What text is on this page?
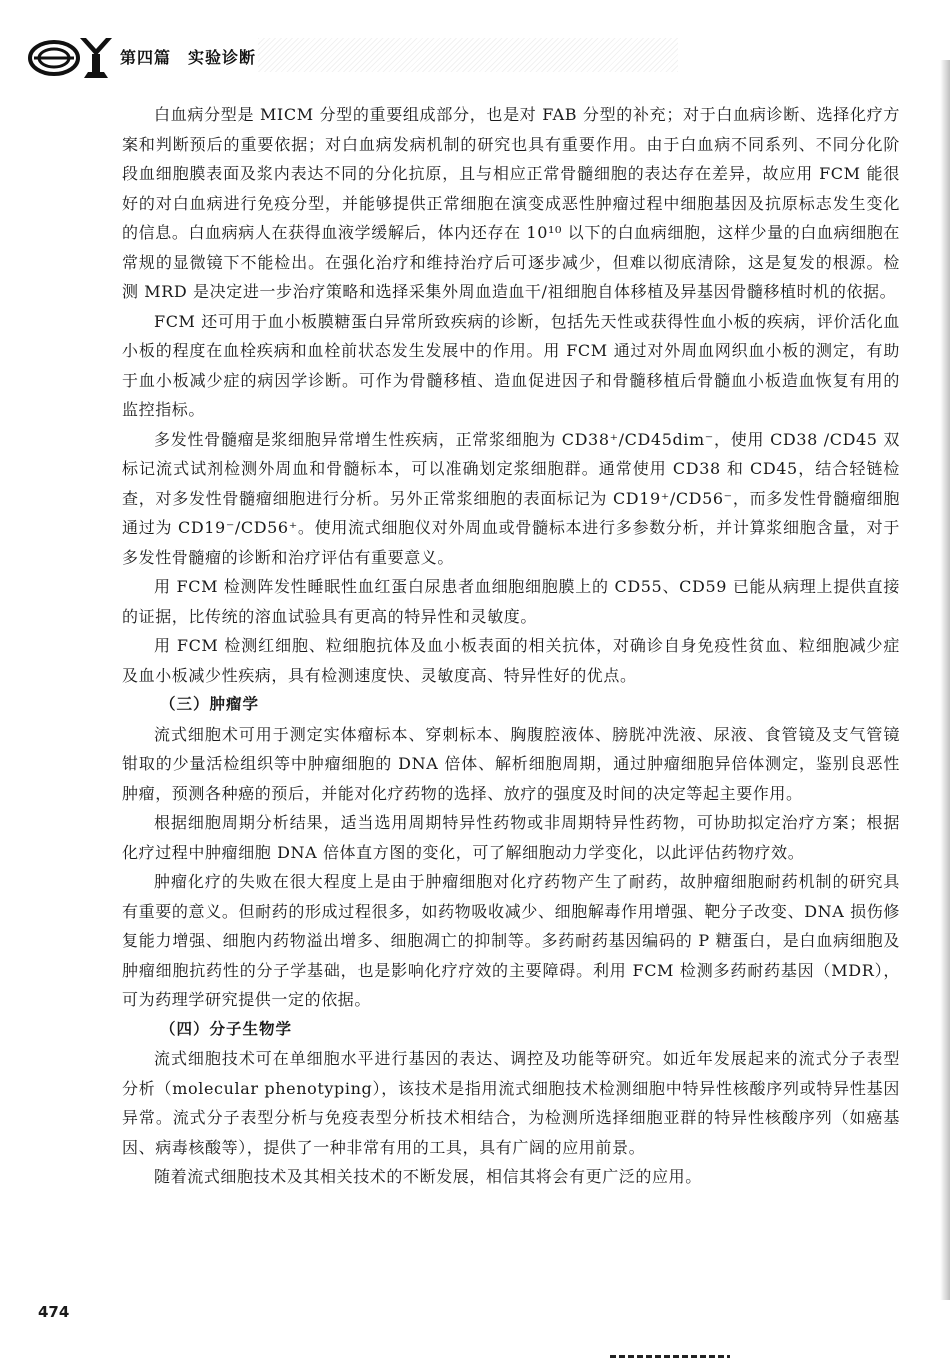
第四篇　实验诊断

白血病分型是 MICM 分型的重要组成部分，也是对 FAB 分型的补充；对于白血病诊断、选择化疗方案和判断预后的重要依据；对白血病发病机制的研究也具有重要作用。由于白血病不同系列、不同分化阶段血细胞膜表面及浆内表达不同的分化抗原，且与相应正常骨髓细胞的表达存在差异，故应用 FCM 能很好的对白血病进行免疫分型，并能够提供正常细胞在演变成恶性肿瘤过程中细胞基因及抗原标志发生变化的信息。白血病病人在获得血液学缓解后，体内还存在 10¹⁰ 以下的白血病细胞，这样少量的白血病细胞在常规的显微镜下不能检出。在强化治疗和维持治疗后可逐步减少，但难以彻底清除，这是复发的根源。检测 MRD 是决定进一步治疗策略和选择采集外周血造血干/祖细胞自体移植及异基因骨髓移植时机的依据。

FCM 还可用于血小板膜糖蛋白异常所致疾病的诊断，包括先天性或获得性血小板的疾病，评价活化血小板的程度在血栓疾病和血栓前状态发生发展中的作用。用 FCM 通过对外周血网织血小板的测定，有助于血小板减少症的病因学诊断。可作为骨髓移植、造血促进因子和骨髓移植后骨髓血小板造血恢复有用的监控指标。

多发性骨髓瘤是浆细胞异常增生性疾病，正常浆细胞为 CD38⁺/CD45dim⁻，使用 CD38 /CD45 双标记流式试剂检测外周血和骨髓标本，可以准确划定浆细胞群。通常使用 CD38 和 CD45，结合轻链检查，对多发性骨髓瘤细胞进行分析。另外正常浆细胞的表面标记为 CD19⁺/CD56⁻，而多发性骨髓瘤细胞通过为 CD19⁻/CD56⁺。使用流式细胞仪对外周血或骨髓标本进行多参数分析，并计算浆细胞含量，对于多发性骨髓瘤的诊断和治疗评估有重要意义。

用 FCM 检测阵发性睡眠性血红蛋白尿患者血细胞细胞膜上的 CD55、CD59 已能从病理上提供直接的证据，比传统的溶血试验具有更高的特异性和灵敏度。

用 FCM 检测红细胞、粒细胞抗体及血小板表面的相关抗体，对确诊自身免疫性贫血、粒细胞减少症及血小板减少性疾病，具有检测速度快、灵敏度高、特异性好的优点。

（三）肿瘤学

流式细胞术可用于测定实体瘤标本、穿刺标本、胸腹腔液体、膀胱冲洗液、尿液、食管镜及支气管镜钳取的少量活检组织等中肿瘤细胞的 DNA 倍体、解析细胞周期，通过肿瘤细胞异倍体测定，鉴别良恶性肿瘤，预测各种癌的预后，并能对化疗药物的选择、放疗的强度及时间的决定等起主要作用。

根据细胞周期分析结果，适当选用周期特异性药物或非周期特异性药物，可协助拟定治疗方案；根据化疗过程中肿瘤细胞 DNA 倍体直方图的变化，可了解细胞动力学变化，以此评估药物疗效。

肿瘤化疗的失败在很大程度上是由于肿瘤细胞对化疗药物产生了耐药，故肿瘤细胞耐药机制的研究具有重要的意义。但耐药的形成过程很多，如药物吸收减少、细胞解毒作用增强、靶分子改变、DNA 损伤修复能力增强、细胞内药物溢出增多、细胞凋亡的抑制等。多药耐药基因编码的 P 糖蛋白，是白血病细胞及肿瘤细胞抗药性的分子学基础，也是影响化疗疗效的主要障碍。利用 FCM 检测多药耐药基因（MDR），可为药理学研究提供一定的依据。

（四）分子生物学

流式细胞技术可在单细胞水平进行基因的表达、调控及功能等研究。如近年发展起来的流式分子表型分析（molecular phenotyping），该技术是指用流式细胞技术检测细胞中特异性核酸序列或特异性基因异常。流式分子表型分析与免疫表型分析技术相结合，为检测所选择细胞亚群的特异性核酸序列（如癌基因、病毒核酸等），提供了一种非常有用的工具，具有广阔的应用前景。

随着流式细胞技术及其相关技术的不断发展，相信其将会有更广泛的应用。

474
